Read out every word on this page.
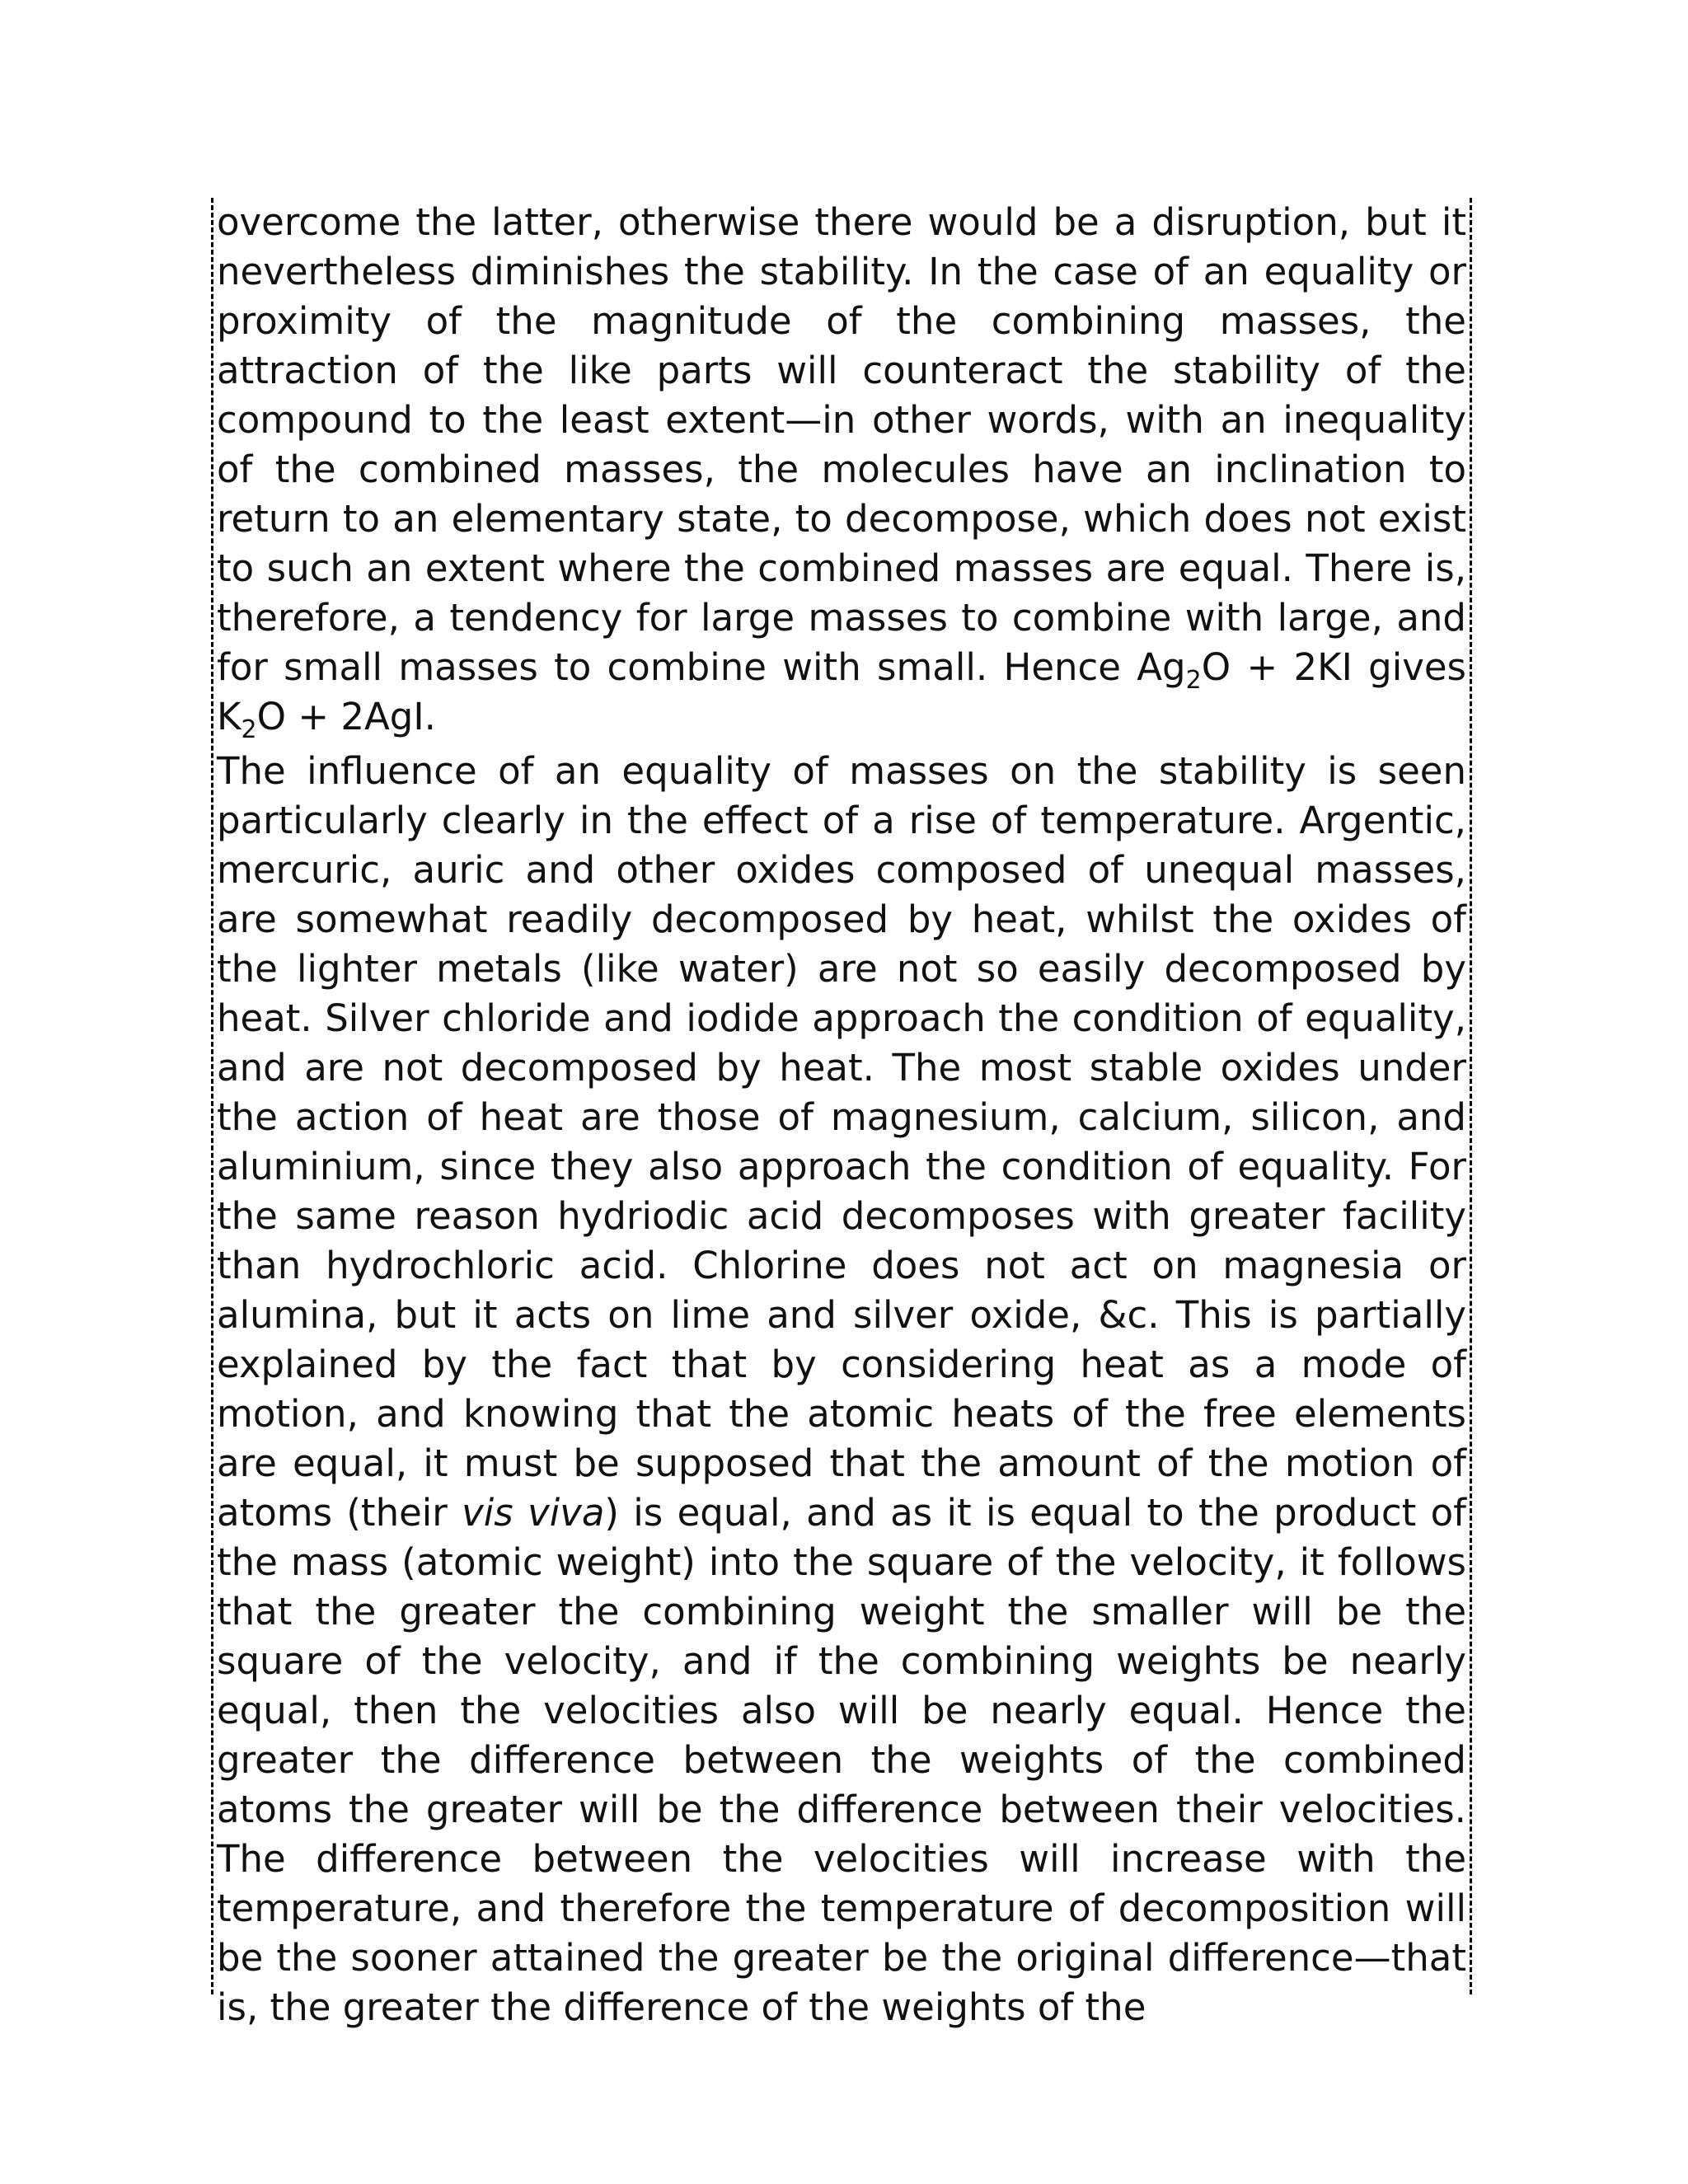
overcome the latter, otherwise there would be a disruption, but it nevertheless diminishes the stability. In the case of an equality or proximity of the magnitude of the combining masses, the attraction of the like parts will counteract the stability of the compound to the least extent—in other words, with an inequality of the combined masses, the molecules have an inclination to return to an elementary state, to decompose, which does not exist to such an extent where the combined masses are equal. There is, therefore, a tendency for large masses to combine with large, and for small masses to combine with small. Hence $Ag_2O + 2KI$ gives $K_2O + 2AgI$.

The influence of an equality of masses on the stability is seen particularly clearly in the effect of a rise of temperature. Argentic, mercuric, auric and other oxides composed of unequal masses, are somewhat readily decomposed by heat, whilst the oxides of the lighter metals (like water) are not so easily decomposed by heat. Silver chloride and iodide approach the condition of equality, and are not decomposed by heat. The most stable oxides under the action of heat are those of magnesium, calcium, silicon, and aluminium, since they also approach the condition of equality. For the same reason hydriodic acid decomposes with greater facility than hydrochloric acid. Chlorine does not act on magnesia or alumina, but it acts on lime and silver oxide, &c. This is partially explained by the fact that by considering heat as a mode of motion, and knowing that the atomic heats of the free elements are equal, it must be supposed that the amount of the motion of atoms (their vis viva) is equal, and as it is equal to the product of the mass (atomic weight) into the square of the velocity, it follows that the greater the combining weight the smaller will be the square of the velocity, and if the combining weights be nearly equal, then the velocities also will be nearly equal. Hence the greater the difference between the weights of the combined atoms the greater will be the difference between their velocities. The difference between the velocities will increase with the temperature, and therefore the temperature of decomposition will be the sooner attained the greater be the original difference—that is, the greater the difference of the weights of the
